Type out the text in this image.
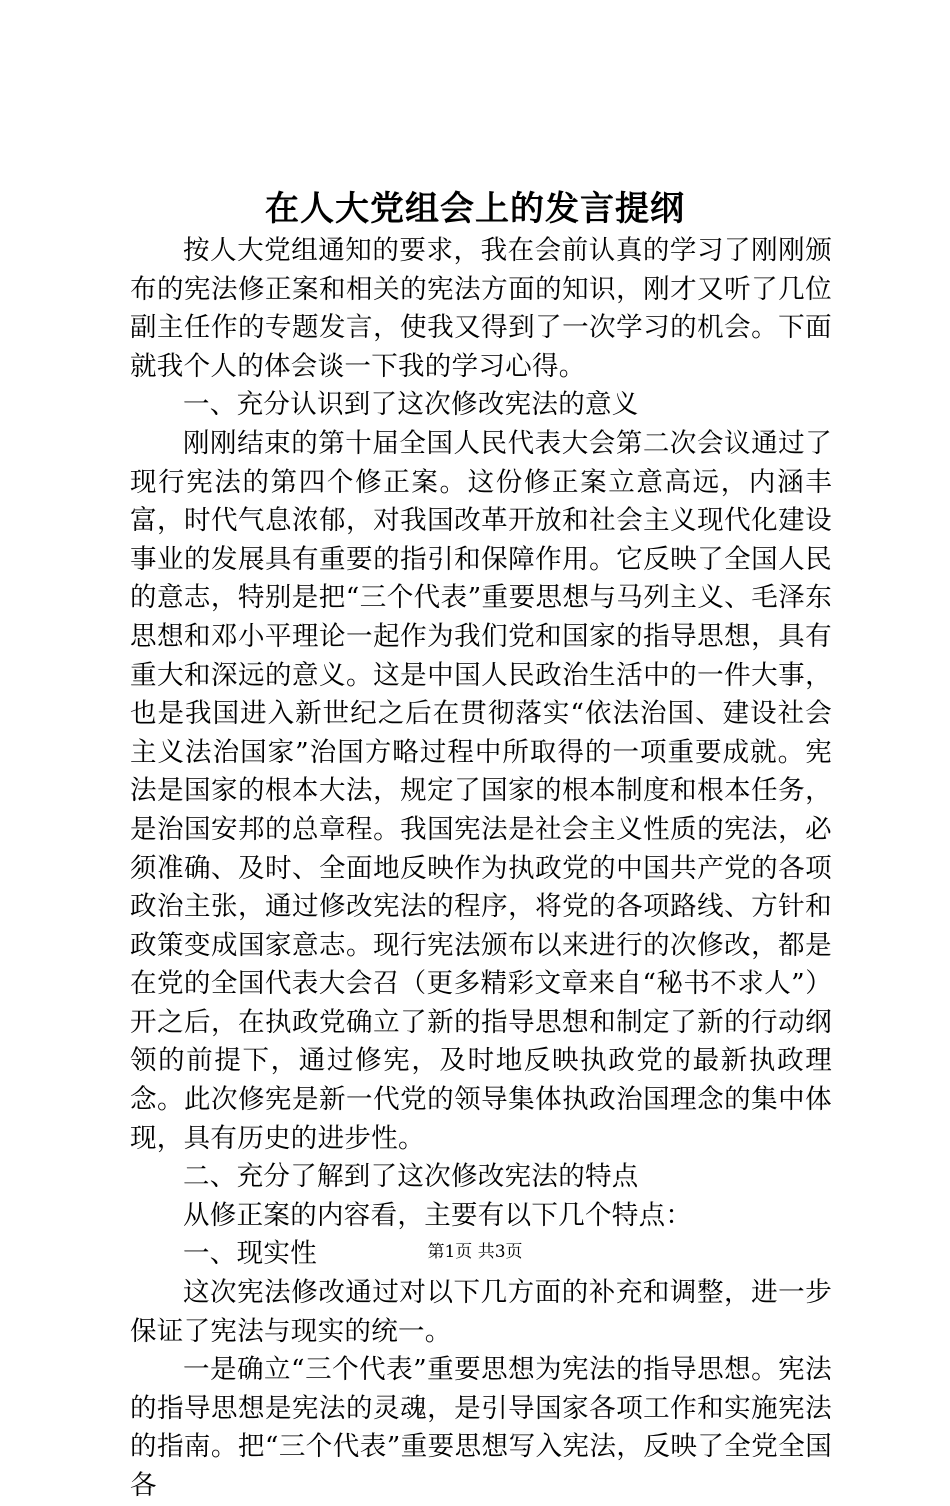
在人大党组会上的发言提纲

按人大党组通知的要求，我在会前认真的学习了刚刚颁布的宪法修正案和相关的宪法方面的知识，刚才又听了几位副主任作的专题发言，使我又得到了一次学习的机会。下面就我个人的体会谈一下我的学习心得。

一、充分认识到了这次修改宪法的意义

刚刚结束的第十届全国人民代表大会第二次会议通过了现行宪法的第四个修正案。这份修正案立意高远，内涵丰富，时代气息浓郁，对我国改革开放和社会主义现代化建设事业的发展具有重要的指引和保障作用。它反映了全国人民的意志，特别是把“三个代表”重要思想与马列主义、毛泽东思想和邓小平理论一起作为我们党和国家的指导思想，具有重大和深远的意义。这是中国人民政治生活中的一件大事，也是我国进入新世纪之后在贯彻落实“依法治国、建设社会主义法治国家”治国方略过程中所取得的一项重要成就。宪法是国家的根本大法，规定了国家的根本制度和根本任务，是治国安邦的总章程。我国宪法是社会主义性质的宪法，必须准确、及时、全面地反映作为执政党的中国共产党的各项政治主张，通过修改宪法的程序，将党的各项路线、方针和政策变成国家意志。现行宪法颁布以来进行的次修改，都是在党的全国代表大会召（更多精彩文章来自“秘书不求人”）开之后，在执政党确立了新的指导思想和制定了新的行动纲领的前提下，通过修宪，及时地反映执政党的最新执政理念。此次修宪是新一代党的领导集体执政治国理念的集中体现，具有历史的进步性。

二、充分了解到了这次修改宪法的特点

从修正案的内容看，主要有以下几个特点：

一、现实性

这次宪法修改通过对以下几方面的补充和调整，进一步保证了宪法与现实的统一。

一是确立“三个代表”重要思想为宪法的指导思想。宪法的指导思想是宪法的灵魂，是引导国家各项工作和实施宪法的指南。把“三个代表”重要思想写入宪法，反映了全党全国各

第1页 共3页
